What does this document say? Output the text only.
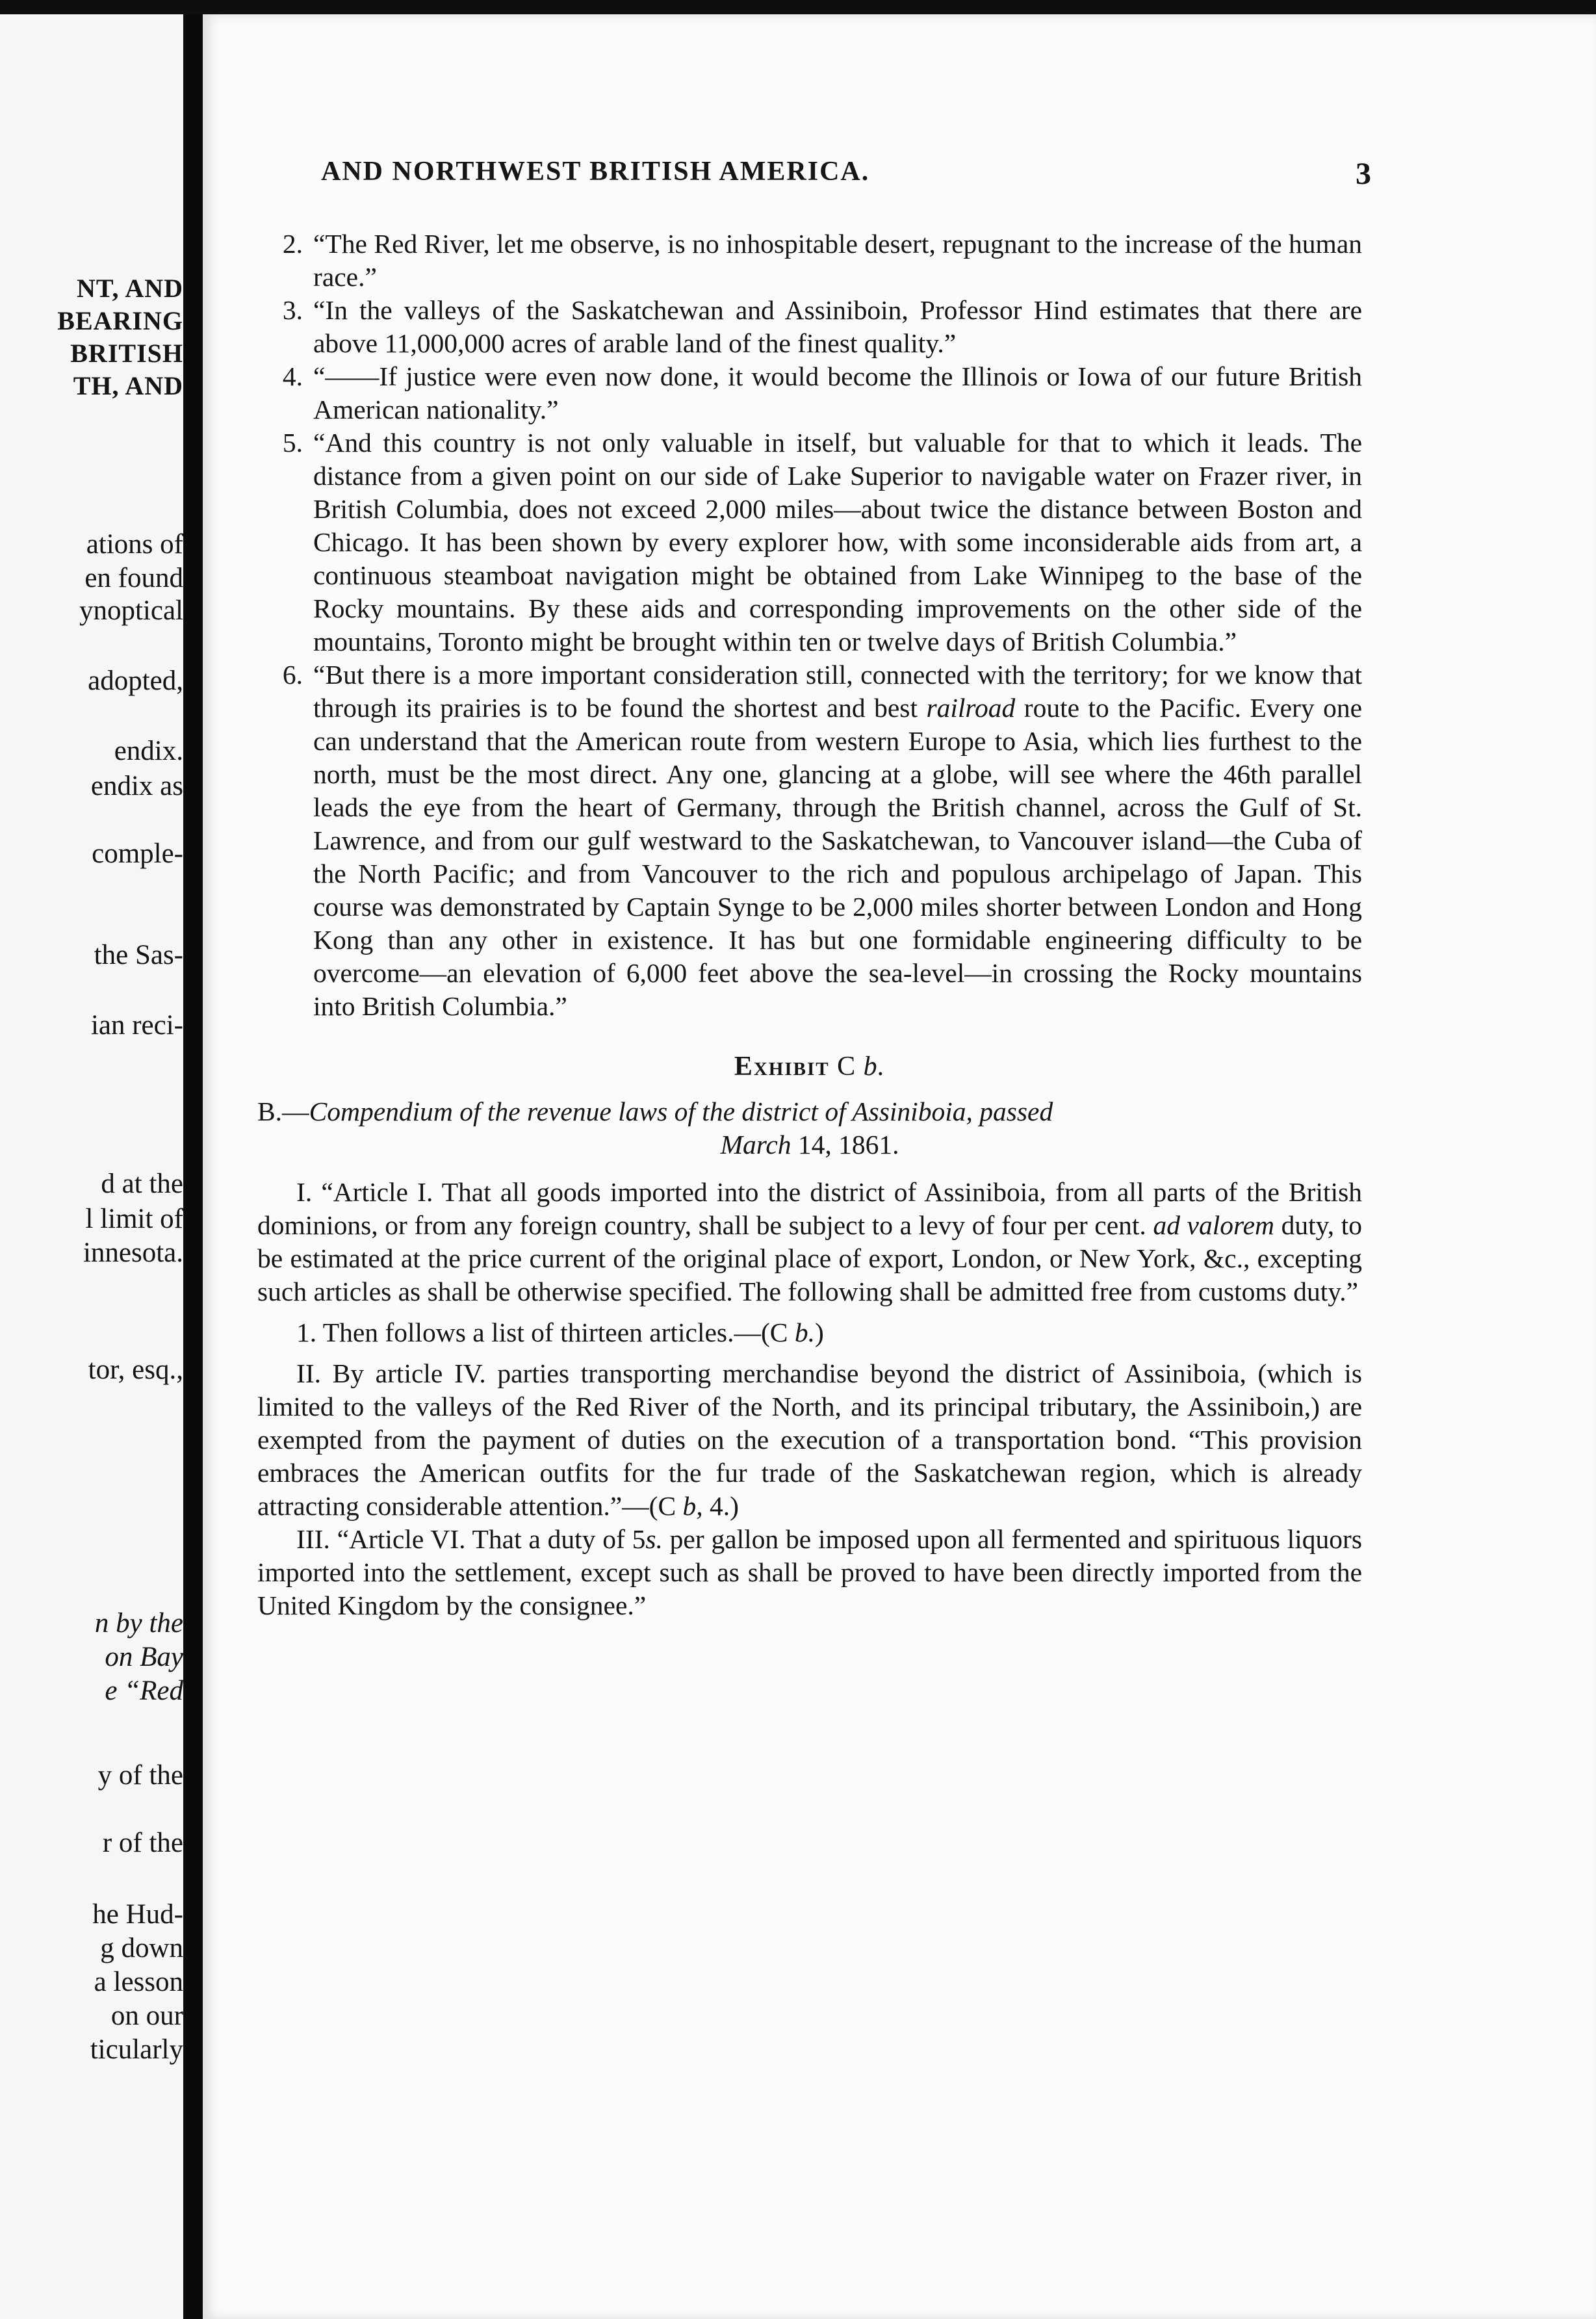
NT, AND
BEARING
BRITISH
TH, AND
ations of
en found
ynoptical
adopted,
endix.
endix as
comple-
the Sas-
ian reci-
d at the
l limit of
innesota.
tor, esq.,
n by the
on Bay
e “Red
y of the
r of the
he Hud-
g down
a lesson
on our
ticularly
AND NORTHWEST BRITISH AMERICA.	3

2. “The Red River, let me observe, is no inhospitable desert, repugnant to the increase of the human race.”

3. “In the valleys of the Saskatchewan and Assiniboin, Professor Hind estimates that there are above 11,000,000 acres of arable land of the finest quality.”

4. “——If justice were even now done, it would become the Illinois or Iowa of our future British American nationality.”

5. “And this country is not only valuable in itself, but valuable for that to which it leads. The distance from a given point on our side of Lake Superior to navigable water on Frazer river, in British Columbia, does not exceed 2,000 miles—about twice the distance between Boston and Chicago. It has been shown by every explorer how, with some inconsiderable aids from art, a continuous steamboat navigation might be obtained from Lake Winnipeg to the base of the Rocky mountains. By these aids and corresponding improvements on the other side of the mountains, Toronto might be brought within ten or twelve days of British Columbia.”

6. “But there is a more important consideration still, connected with the territory; for we know that through its prairies is to be found the shortest and best railroad route to the Pacific. Every one can understand that the American route from western Europe to Asia, which lies furthest to the north, must be the most direct. Any one, glancing at a globe, will see where the 46th parallel leads the eye from the heart of Germany, through the British channel, across the Gulf of St. Lawrence, and from our gulf westward to the Saskatchewan, to Vancouver island—the Cuba of the North Pacific; and from Vancouver to the rich and populous archipelago of Japan. This course was demonstrated by Captain Synge to be 2,000 miles shorter between London and Hong Kong than any other in existence. It has but one formidable engineering difficulty to be overcome—an elevation of 6,000 feet above the sea-level—in crossing the Rocky mountains into British Columbia.”

Exhibit C b.
B.—Compendium of the revenue laws of the district of Assiniboia, passed
March 14, 1861.

I. “Article I. That all goods imported into the district of Assiniboia, from all parts of the British dominions, or from any foreign country, shall be subject to a levy of four per cent. ad valorem duty, to be estimated at the price current of the original place of export, London, or New York, &c., excepting such articles as shall be otherwise specified. The following shall be admitted free from customs duty.”

1. Then follows a list of thirteen articles.—(C b.)

II. By article IV. parties transporting merchandise beyond the district of Assiniboia, (which is limited to the valleys of the Red River of the North, and its principal tributary, the Assiniboin,) are exempted from the payment of duties on the execution of a transportation bond. “This provision embraces the American outfits for the fur trade of the Saskatchewan region, which is already attracting considerable attention.”—(C b, 4.)

III. “Article VI. That a duty of 5s. per gallon be imposed upon all fermented and spirituous liquors imported into the settlement, except such as shall be proved to have been directly imported from the United Kingdom by the consignee.”
